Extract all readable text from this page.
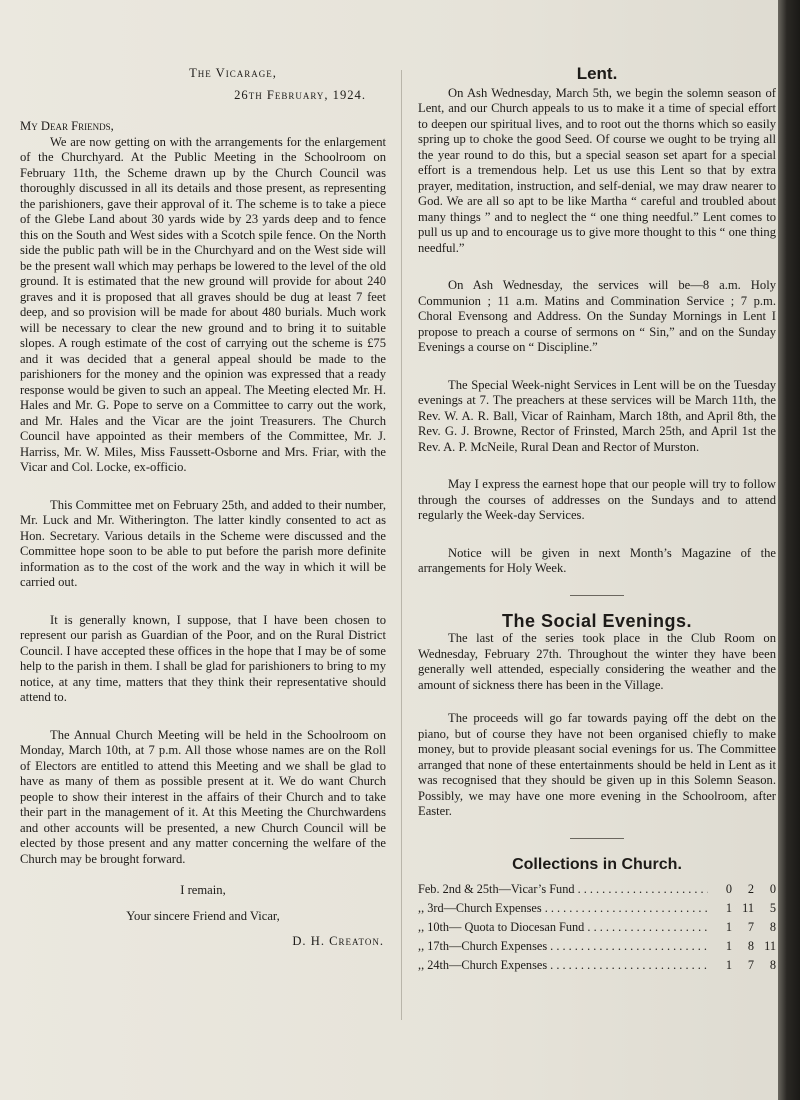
The Vicarage,
26th February, 1924.
My Dear Friends,

We are now getting on with the arrangements for the enlargement of the Churchyard. At the Public Meeting in the Schoolroom on February 11th, the Scheme drawn up by the Church Council was thoroughly discussed in all its details and those present, as representing the parishioners, gave their approval of it. The scheme is to take a piece of the Glebe Land about 30 yards wide by 23 yards deep and to fence this on the South and West sides with a Scotch spile fence. On the North side the public path will be in the Churchyard and on the West side will be the present wall which may perhaps be lowered to the level of the old ground. It is estimated that the new ground will provide for about 240 graves and it is proposed that all graves should be dug at least 7 feet deep, and so provision will be made for about 480 burials. Much work will be necessary to clear the new ground and to bring it to suitable slopes. A rough estimate of the cost of carrying out the scheme is £75 and it was decided that a general appeal should be made to the parishioners for the money and the opinion was expressed that a ready response would be given to such an appeal. The Meeting elected Mr. H. Hales and Mr. G. Pope to serve on a Committee to carry out the work, and Mr. Hales and the Vicar are the joint Treasurers. The Church Council have appointed as their members of the Committee, Mr. J. Harriss, Mr. W. Miles, Miss Faussett-Osborne and Mrs. Friar, with the Vicar and Col. Locke, ex-officio.

This Committee met on February 25th, and added to their number, Mr. Luck and Mr. Witherington. The latter kindly consented to act as Hon. Secretary. Various details in the Scheme were discussed and the Committee hope soon to be able to put before the parish more definite information as to the cost of the work and the way in which it will be carried out.

It is generally known, I suppose, that I have been chosen to represent our parish as Guardian of the Poor, and on the Rural District Council. I have accepted these offices in the hope that I may be of some help to the parish in them. I shall be glad for parishioners to bring to my notice, at any time, matters that they think their representative should attend to.

The Annual Church Meeting will be held in the Schoolroom on Monday, March 10th, at 7 p.m. All those whose names are on the Roll of Electors are entitled to attend this Meeting and we shall be glad to have as many of them as possible present at it. We do want Church people to show their interest in the affairs of their Church and to take their part in the management of it. At this Meeting the Churchwardens and other accounts will be presented, a new Church Council will be elected by those present and any matter concerning the welfare of the Church may be brought forward.

I remain,
Your sincere Friend and Vicar,
D. H. Creaton.
Lent.

On Ash Wednesday, March 5th, we begin the solemn season of Lent, and our Church appeals to us to make it a time of special effort to deepen our spiritual lives, and to root out the thorns which so easily spring up to choke the good Seed. Of course we ought to be trying all the year round to do this, but a special season set apart for a special effort is a tremendous help. Let us use this Lent so that by extra prayer, meditation, instruction, and self-denial, we may draw nearer to God. We are all so apt to be like Martha “ careful and troubled about many things ” and to neglect the “ one thing needful.” Lent comes to pull us up and to encourage us to give more thought to this “ one thing needful.”

On Ash Wednesday, the services will be—8 a.m. Holy Communion ; 11 a.m. Matins and Commination Service ; 7 p.m. Choral Evensong and Address. On the Sunday Mornings in Lent I propose to preach a course of sermons on “ Sin,” and on the Sunday Evenings a course on “ Discipline.”

The Special Week-night Services in Lent will be on the Tuesday evenings at 7. The preachers at these services will be March 11th, the Rev. W. A. R. Ball, Vicar of Rainham, March 18th, and April 8th, the Rev. G. J. Browne, Rector of Frinsted, March 25th, and April 1st the Rev. A. P. McNeile, Rural Dean and Rector of Murston.

May I express the earnest hope that our people will try to follow through the courses of addresses on the Sundays and to attend regularly the Week-day Services.

Notice will be given in next Month’s Magazine of the arrangements for Holy Week.

The Social Evenings.

The last of the series took place in the Club Room on Wednesday, February 27th. Throughout the winter they have been generally well attended, especially considering the weather and the amount of sickness there has been in the Village.

The proceeds will go far towards paying off the debt on the piano, but of course they have not been organised chiefly to make money, but to provide pleasant social evenings for us. The Committee arranged that none of these entertainments should be held in Lent as it was recognised that they should be given up in this Solemn Season. Possibly, we may have one more evening in the Schoolroom, after Easter.

Collections in Church.
Feb. 2nd & 25th—Vicar’s Fund . . .	0	2	0
,, 3rd—Church Expenses . . .	1	11	5
,, 10th— Quota to Diocesan Fund . . .	1	7	8
,, 17th—Church Expenses . . .	1	8	11
,, 24th—Church Expenses . . .	1	7	8
